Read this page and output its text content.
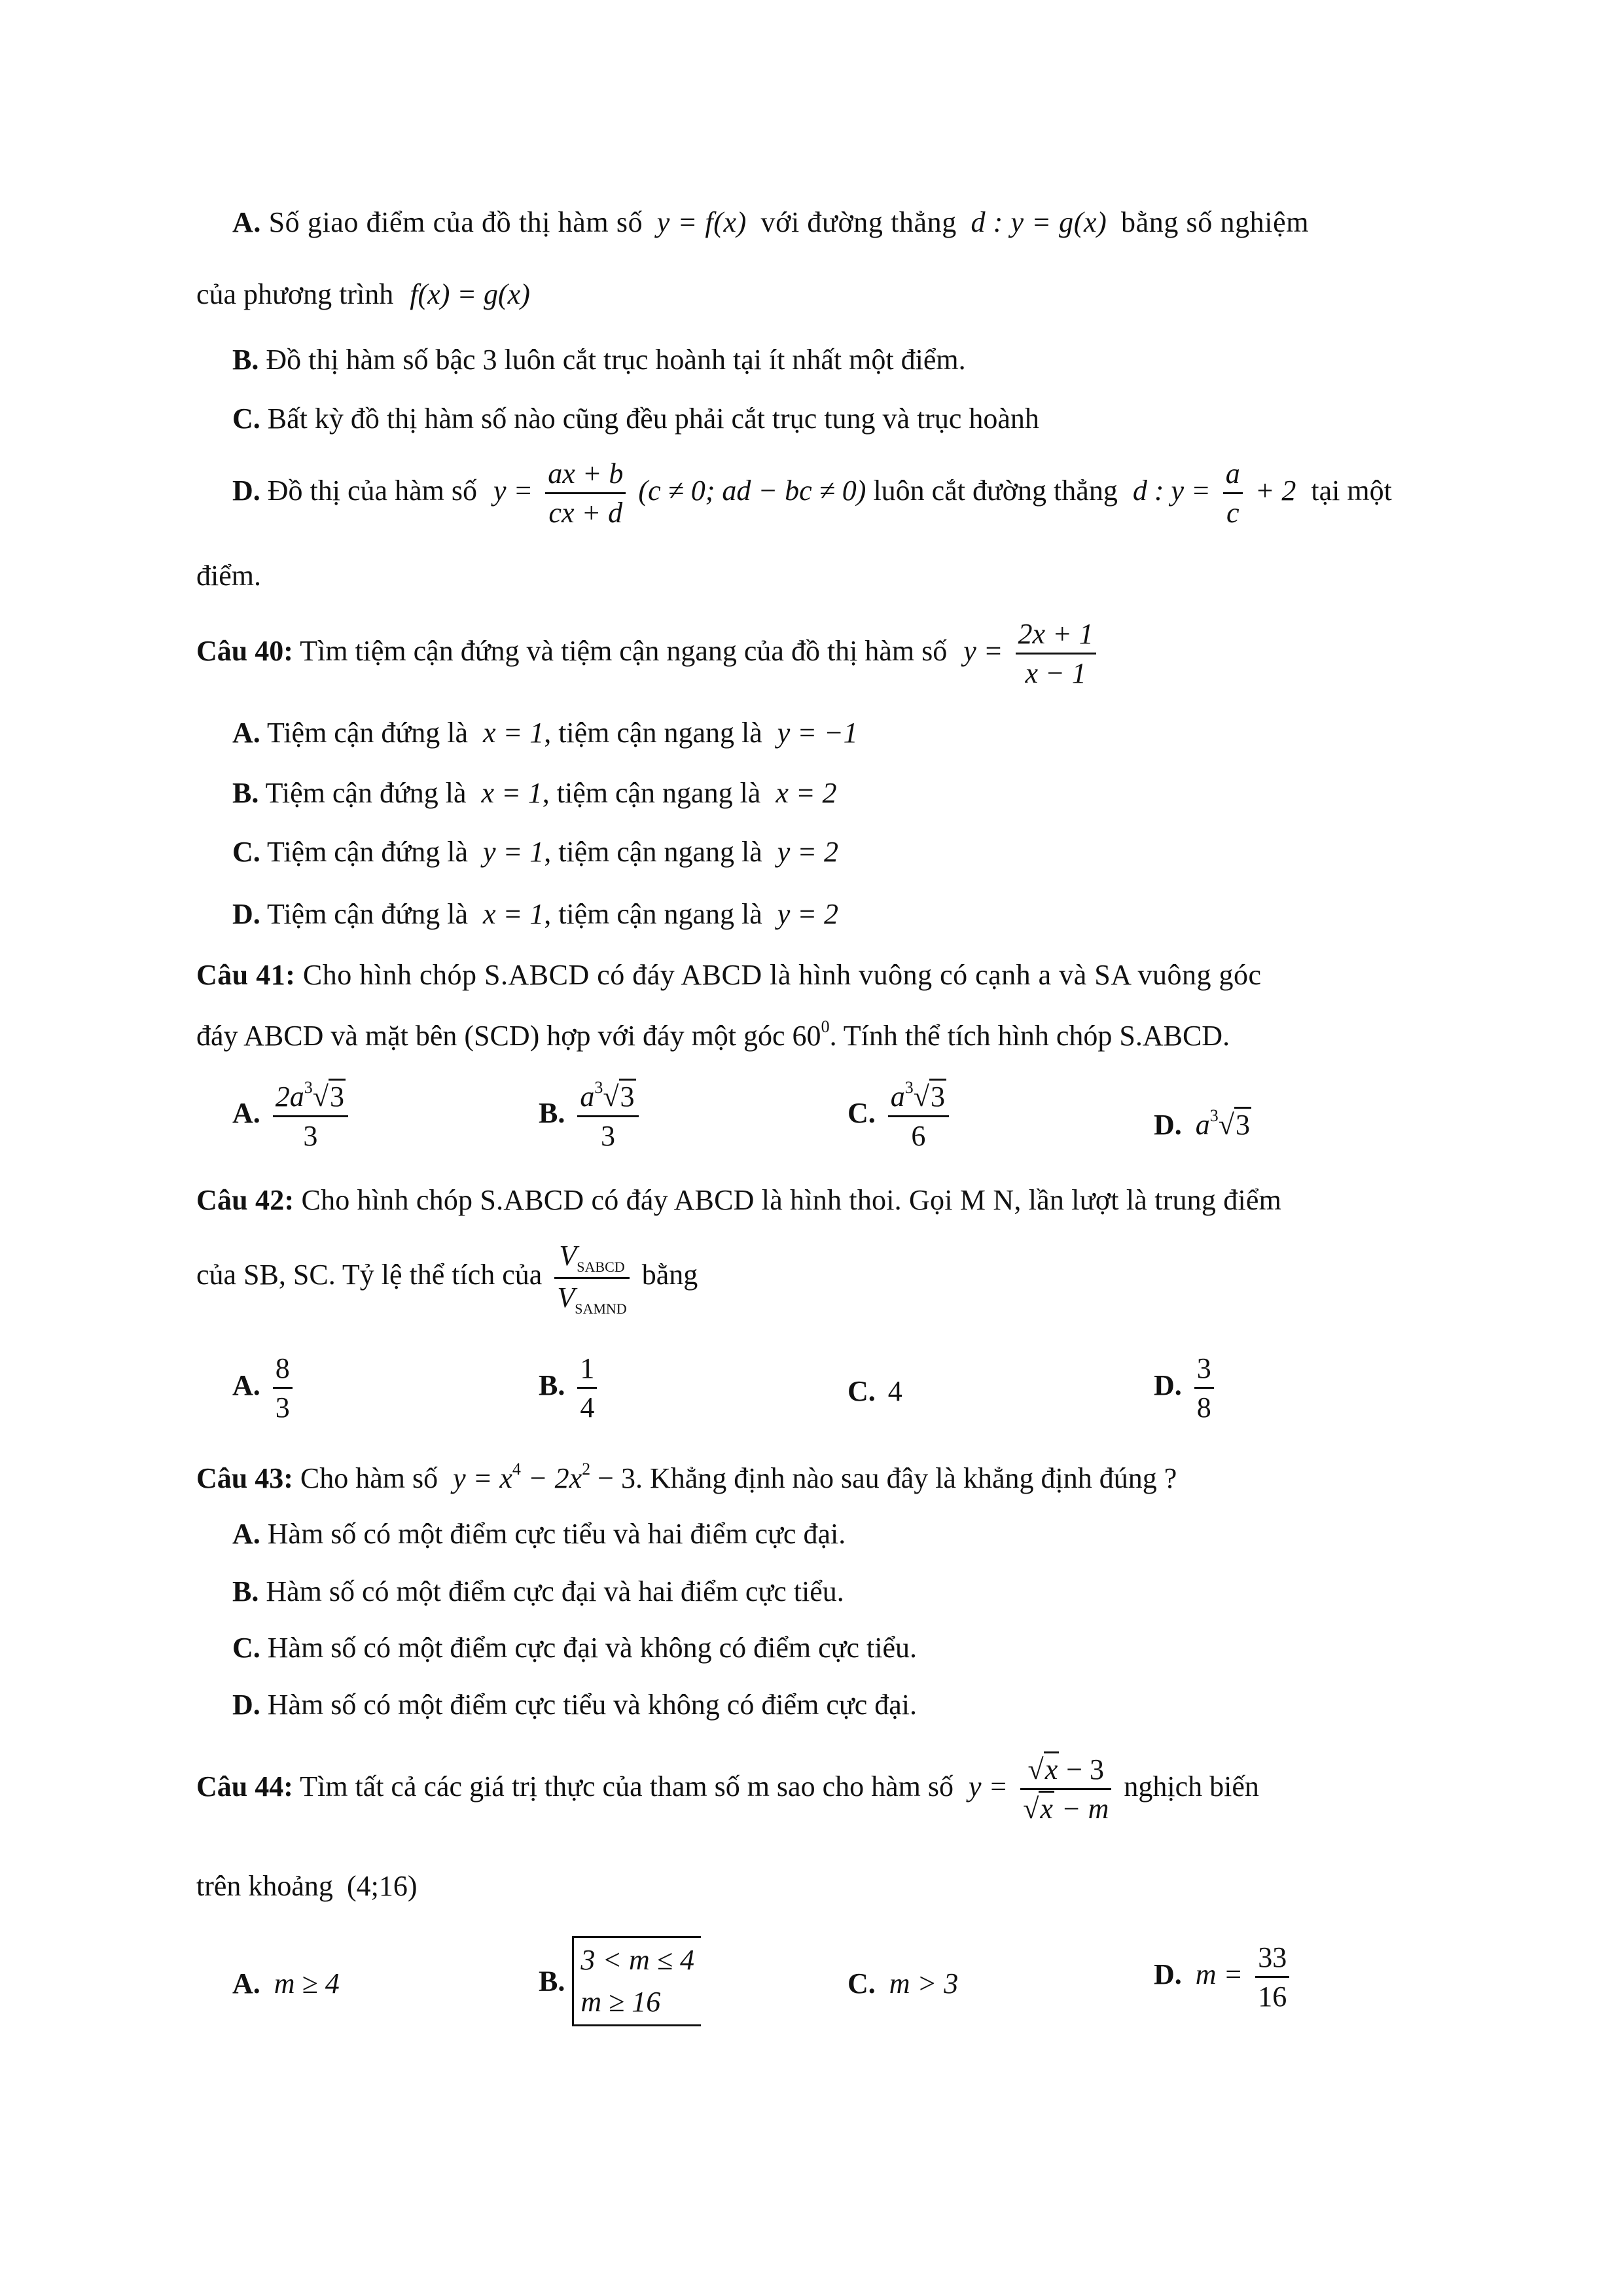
A. Số giao điểm của đồ thị hàm số y = f(x) với đường thẳng d : y = g(x) bằng số nghiệm
của phương trình f(x) = g(x)
B. Đồ thị hàm số bậc 3 luôn cắt trục hoành tại ít nhất một điểm.
C. Bất kỳ đồ thị hàm số nào cũng đều phải cắt trục tung và trục hoành
D. Đồ thị của hàm số $y = \frac{ax + b}{cx + d} (c \ne 0$; ad − bc ≠ 0) luôn cắt đường thẳng d : $y = \frac{a}{c} + 2$ tại một
điểm.
Câu 40: Tìm tiệm cận đứng và tiệm cận ngang của đồ thị hàm số $y = \frac{2x + 1}{x - 1}$
A. Tiệm cận đứng là x = 1, tiệm cận ngang là y = −1
B. Tiệm cận đứng là x = 1, tiệm cận ngang là x = 2
C. Tiệm cận đứng là y = 1, tiệm cận ngang là y = 2
D. Tiệm cận đứng là x = 1, tiệm cận ngang là y = 2
Câu 41: Cho hình chóp S.ABCD có đáy ABCD là hình vuông có cạnh a và SA vuông góc
đáy ABCD và mặt bên (SCD) hợp với đáy một góc $60^0$. Tính thể tích hình chóp S.ABCD.
A. $\frac{2a^3√3}{3}$	B. $\frac{a^3√3}{3}$	C. $\frac{a^3√3}{6}$	D. $a^3√3$
Câu 42: Cho hình chóp S.ABCD có đáy ABCD là hình thoi. Gọi M N, lần lượt là trung điểm
của SB, SC. Tỷ lệ thể tích của $\frac{V_{SABCD}}{V_{SAMND}}$ bằng
A. $\frac{8}{3}$	B. $\frac{1}{4}$	C. 4	D. $\frac{3}{8}$
Câu 43: Cho hàm số $y = x^4 - 2x^2 - 3$. Khẳng định nào sau đây là khẳng định đúng ?
A. Hàm số có một điểm cực tiểu và hai điểm cực đại.
B. Hàm số có một điểm cực đại và hai điểm cực tiểu.
C. Hàm số có một điểm cực đại và không có điểm cực tiểu.
D. Hàm số có một điểm cực tiểu và không có điểm cực đại.
Câu 44: Tìm tất cả các giá trị thực của tham số m sao cho hàm số $y = \frac{√x - 3}{√x - m}$ nghịch biến
trên khoảng (4;16)
A. m ≥ 4	B.
3 < m ≤ 4
m ≥ 16
C. m > 3	D. $m = \frac{33}{16}$
